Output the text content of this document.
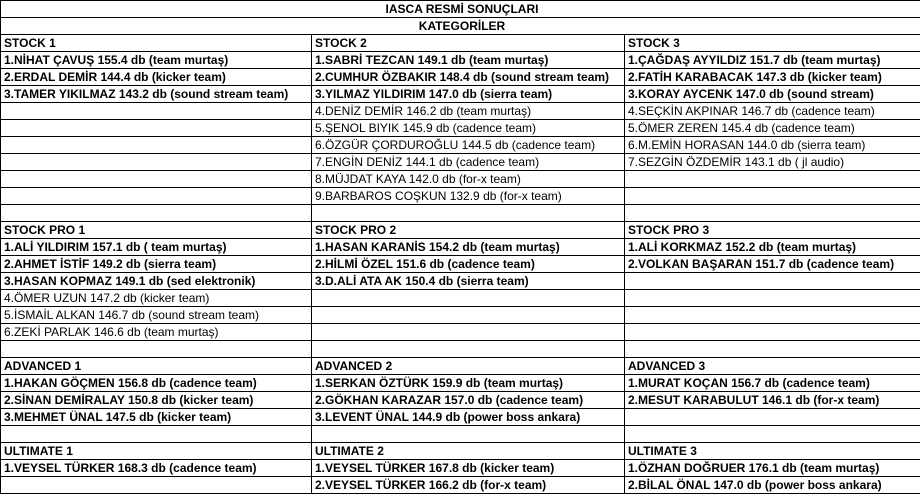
IASCA RESMİ SONUÇLARI		
KATEGORİLER		
STOCK 1	STOCK 2	STOCK 3
1.NİHAT ÇAVUŞ 155.4 db (team murtaş)	1.SABRİ TEZCAN 149.1 db (team murtaş)	1.ÇAĞDAŞ AYYILDIZ 151.7 db (team murtaş)
2.ERDAL DEMİR 144.4 db (kicker team)	2.CUMHUR ÖZBAKIR 148.4 db (sound stream team)	2.FATİH KARABACAK 147.3 db (kicker team)
3.TAMER YIKILMAZ 143.2 db (sound stream team)	3.YILMAZ YILDIRIM 147.0 db (sierra team)	3.KORAY AYCENK 147.0 db (sound stream)
	4.DENİZ DEMİR 146.2 db (team murtaş)	4.SEÇKİN AKPINAR 146.7 db (cadence team)
	5.ŞENOL BIYIK 145.9 db (cadence team)	5.ÖMER ZEREN 145.4 db (cadence team)
	6.ÖZGÜR ÇORDUROĞLU 144.5 db (cadence team)	6.M.EMİN HORASAN 144.0 db (sierra team)
	7.ENGİN DENİZ 144.1 db (cadence team)	7.SEZGİN ÖZDEMİR 143.1 db ( jl audio)
	8.MÜJDAT KAYA 142.0 db (for-x team)	
	9.BARBAROS COŞKUN 132.9 db (for-x team)	

STOCK PRO 1	STOCK PRO 2	STOCK PRO 3
1.ALİ YILDIRIM 157.1 db ( team murtaş)	1.HASAN KARANİS 154.2 db (team murtaş)	1.ALİ KORKMAZ 152.2 db (team murtaş)
2.AHMET İSTİF 149.2 db (sierra team)	2.HİLMİ ÖZEL 151.6 db (cadence team)	2.VOLKAN BAŞARAN 151.7 db (cadence team)
3.HASAN KOPMAZ 149.1 db (sed elektronik)	3.D.ALİ ATA AK 150.4 db (sierra team)	
4.ÖMER UZUN 147.2 db (kicker team)		
5.İSMAİL ALKAN 146.7 db (sound stream team)		
6.ZEKİ PARLAK 146.6 db (team murtaş)		

ADVANCED 1	ADVANCED 2	ADVANCED 3
1.HAKAN GÖÇMEN 156.8 db (cadence team)	1.SERKAN ÖZTÜRK 159.9 db (team murtaş)	1.MURAT KOÇAN 156.7 db (cadence team)
2.SİNAN DEMİRALAY 150.8 db (kicker team)	2.GÖKHAN KARAZAR 157.0 db (cadence team)	2.MESUT KARABULUT 146.1 db (for-x team)
3.MEHMET ÜNAL 147.5 db (kicker team)	3.LEVENT ÜNAL 144.9 db (power boss ankara)	

ULTIMATE 1	ULTIMATE 2	ULTIMATE 3
1.VEYSEL TÜRKER 168.3 db (cadence team)	1.VEYSEL TÜRKER 167.8 db (kicker team)	1.ÖZHAN DOĞRUER 176.1 db (team murtaş)
	2.VEYSEL TÜRKER 166.2 db (for-x team)	2.BİLAL ÖNAL 147.0 db (power boss ankara)
